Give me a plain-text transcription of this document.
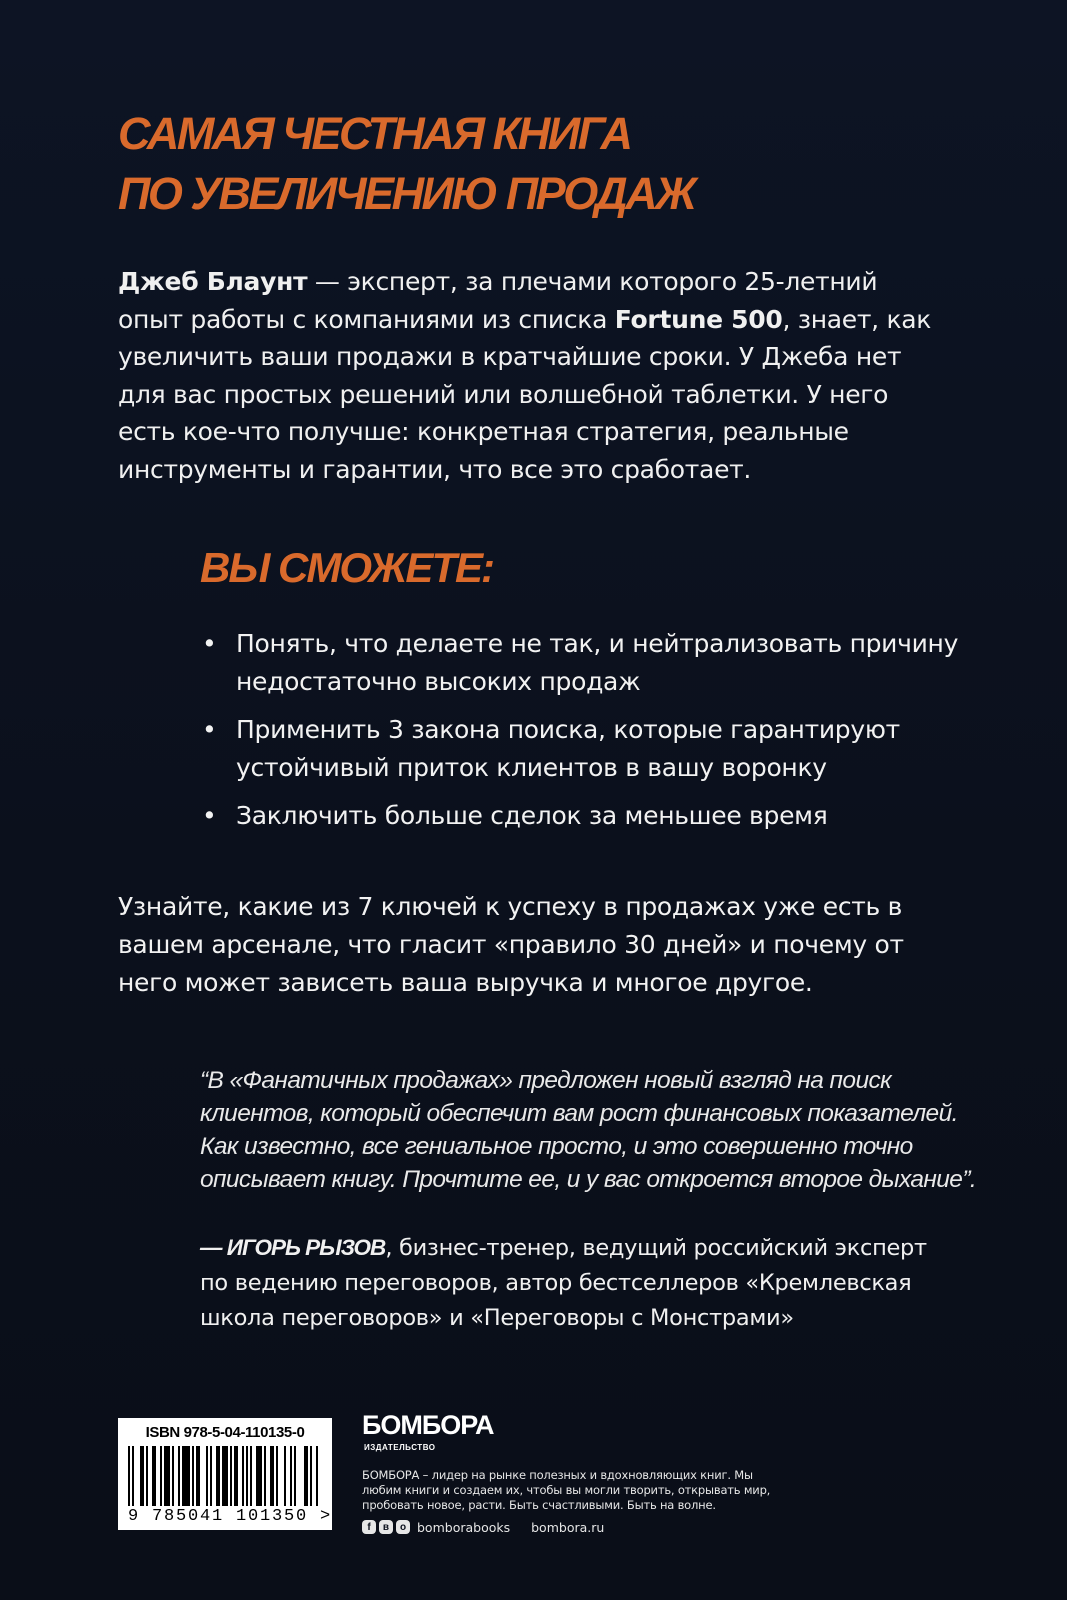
САМАЯ ЧЕСТНАЯ КНИГА
ПО УВЕЛИЧЕНИЮ ПРОДАЖ

Джеб Блаунт — эксперт, за плечами которого 25-летний опыт работы с компаниями из списка Fortune 500, знает, как увеличить ваши продажи в кратчайшие сроки. У Джеба нет для вас простых решений или волшебной таблетки. У него есть кое-что получше: конкретная стратегия, реальные инструменты и гарантии, что все это сработает.

ВЫ СМОЖЕТЕ:
• Понять, что делаете не так, и нейтрализовать причину недостаточно высоких продаж
• Применить 3 закона поиска, которые гарантируют устойчивый приток клиентов в вашу воронку
• Заключить больше сделок за меньшее время

Узнайте, какие из 7 ключей к успеху в продажах уже есть в вашем арсенале, что гласит «правило 30 дней» и почему от него может зависеть ваша выручка и многое другое.

“В «Фанатичных продажах» предложен новый взгляд на поиск клиентов, который обеспечит вам рост финансовых показателей. Как известно, все гениальное просто, и это совершенно точно описывает книгу. Прочтите ее, и у вас откроется второе дыхание”.

— ИГОРЬ РЫЗОВ, бизнес-тренер, ведущий российский эксперт по ведению переговоров, автор бестселлеров «Кремлевская школа переговоров» и «Переговоры с Монстрами»

ISBN 978-5-04-110135-0
9 785041 101350 >
БОМБОРА
ИЗДАТЕЛЬСТВО

БОМБОРА – лидер на рынке полезных и вдохновляющих книг. Мы любим книги и создаем их, чтобы вы могли творить, открывать мир, пробовать новое, расти. Быть счастливыми. Быть на волне.

f	в	о bomborabooks bombora.ru
